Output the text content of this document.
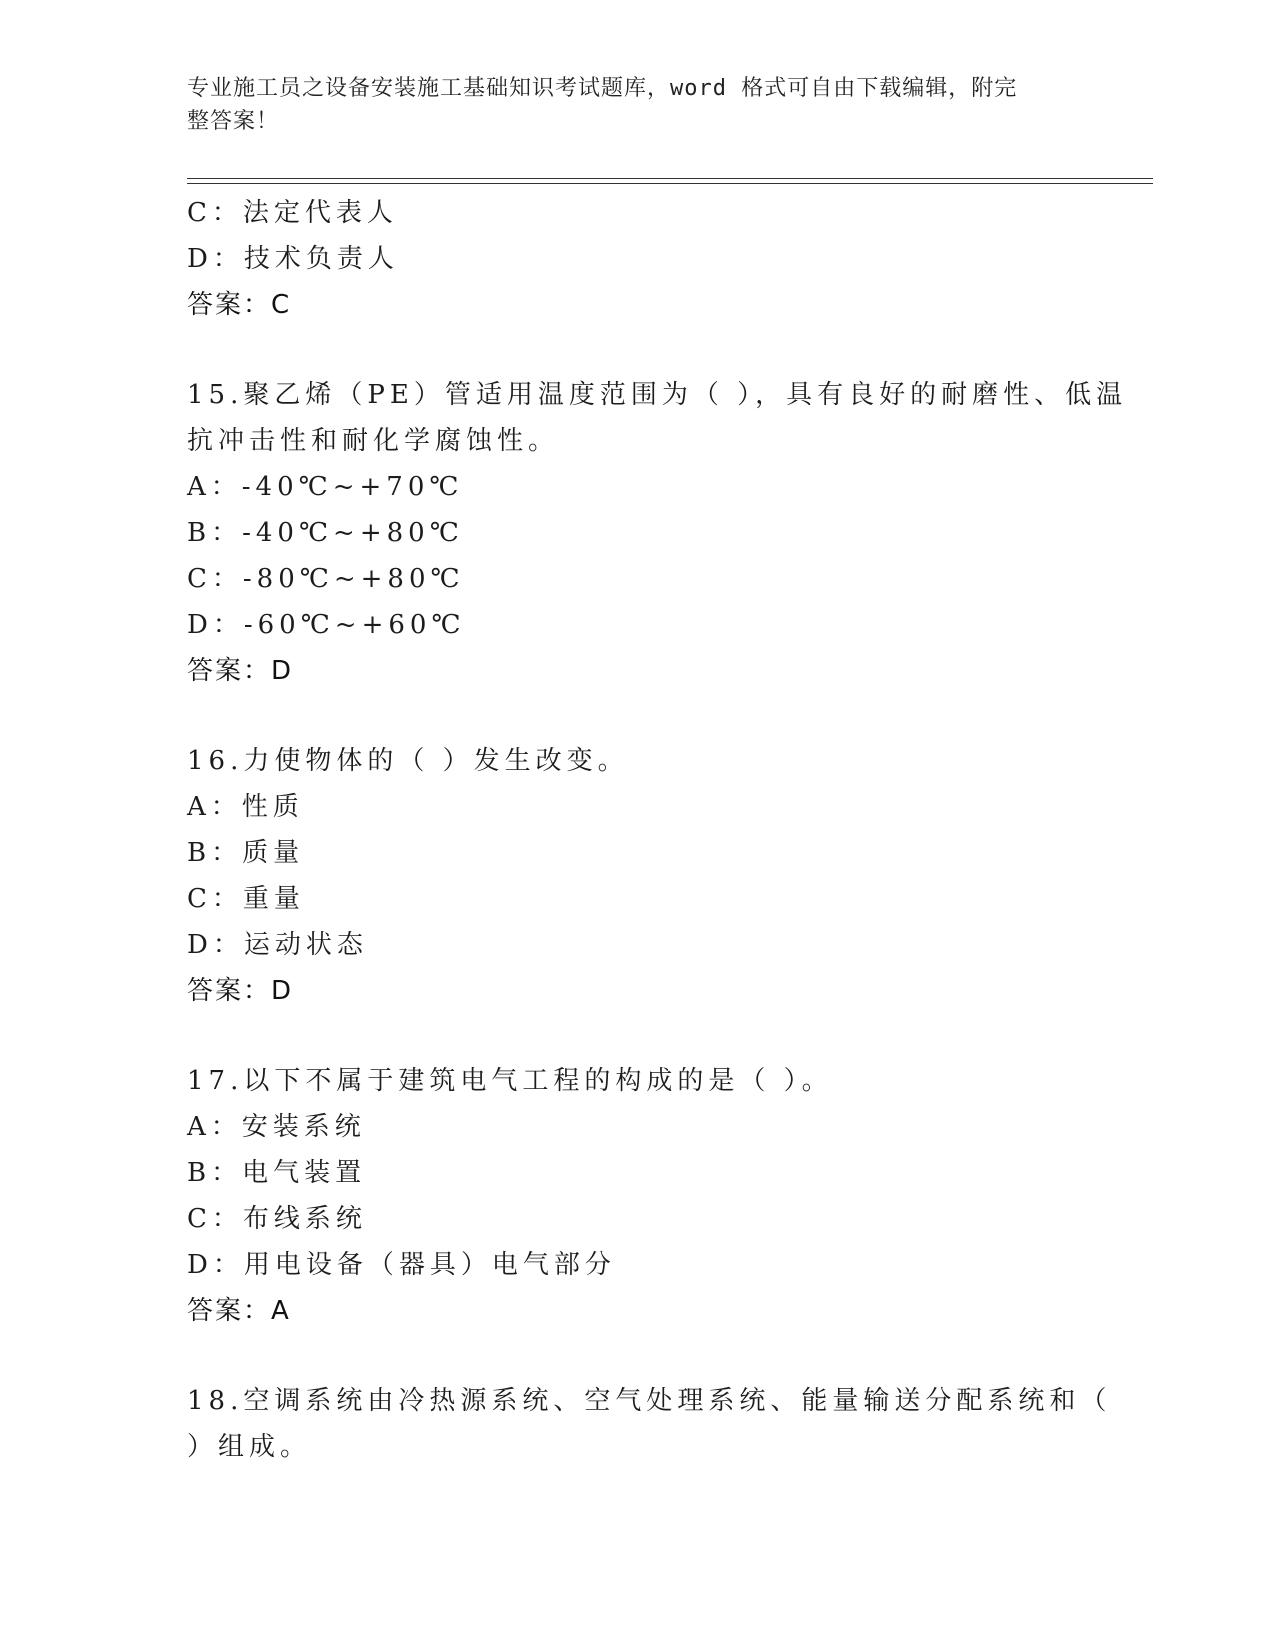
专业施工员之设备安装施工基础知识考试题库，word 格式可自由下载编辑，附完
整答案！
C：法定代表人
D：技术负责人
答案：C
15.聚乙烯（PE）管适用温度范围为（ ），具有良好的耐磨性、低温
抗冲击性和耐化学腐蚀性。
A：-40℃~+70℃
B：-40℃~+80℃
C：-80℃~+80℃
D：-60℃~+60℃
答案：D
16.力使物体的（ ）发生改变。
A：性质
B：质量
C：重量
D：运动状态
答案：D
17.以下不属于建筑电气工程的构成的是（ ）。
A：安装系统
B：电气装置
C：布线系统
D：用电设备（器具）电气部分
答案：A
18.空调系统由冷热源系统、空气处理系统、能量输送分配系统和（
）组成。
